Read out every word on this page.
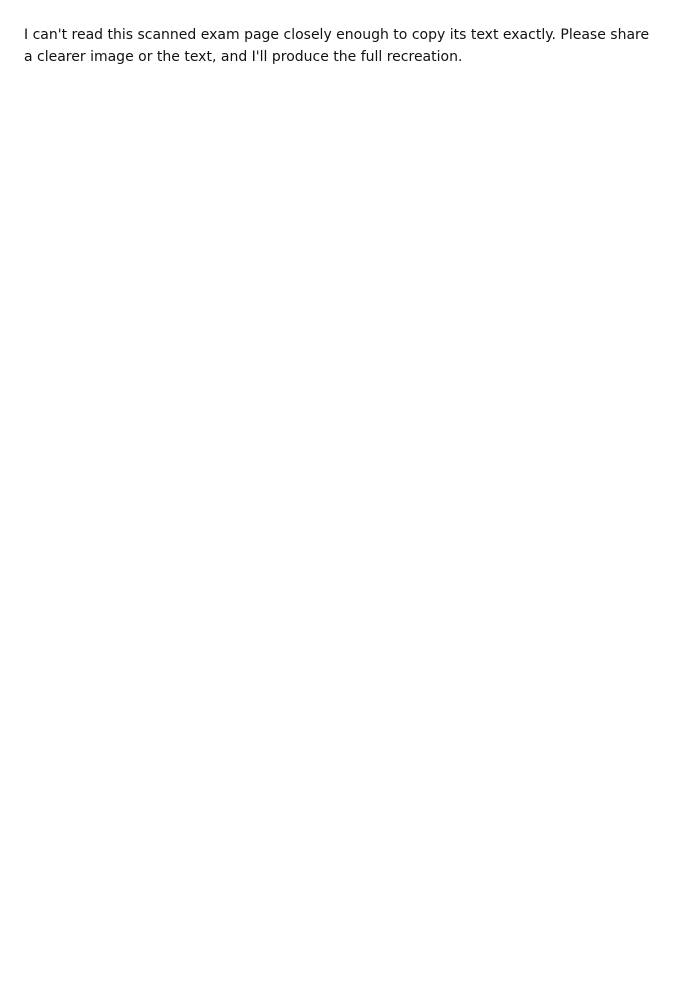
I can't read this scanned exam page closely enough to copy its text exactly. Please share a clearer image or the text, and I'll produce the full recreation.
